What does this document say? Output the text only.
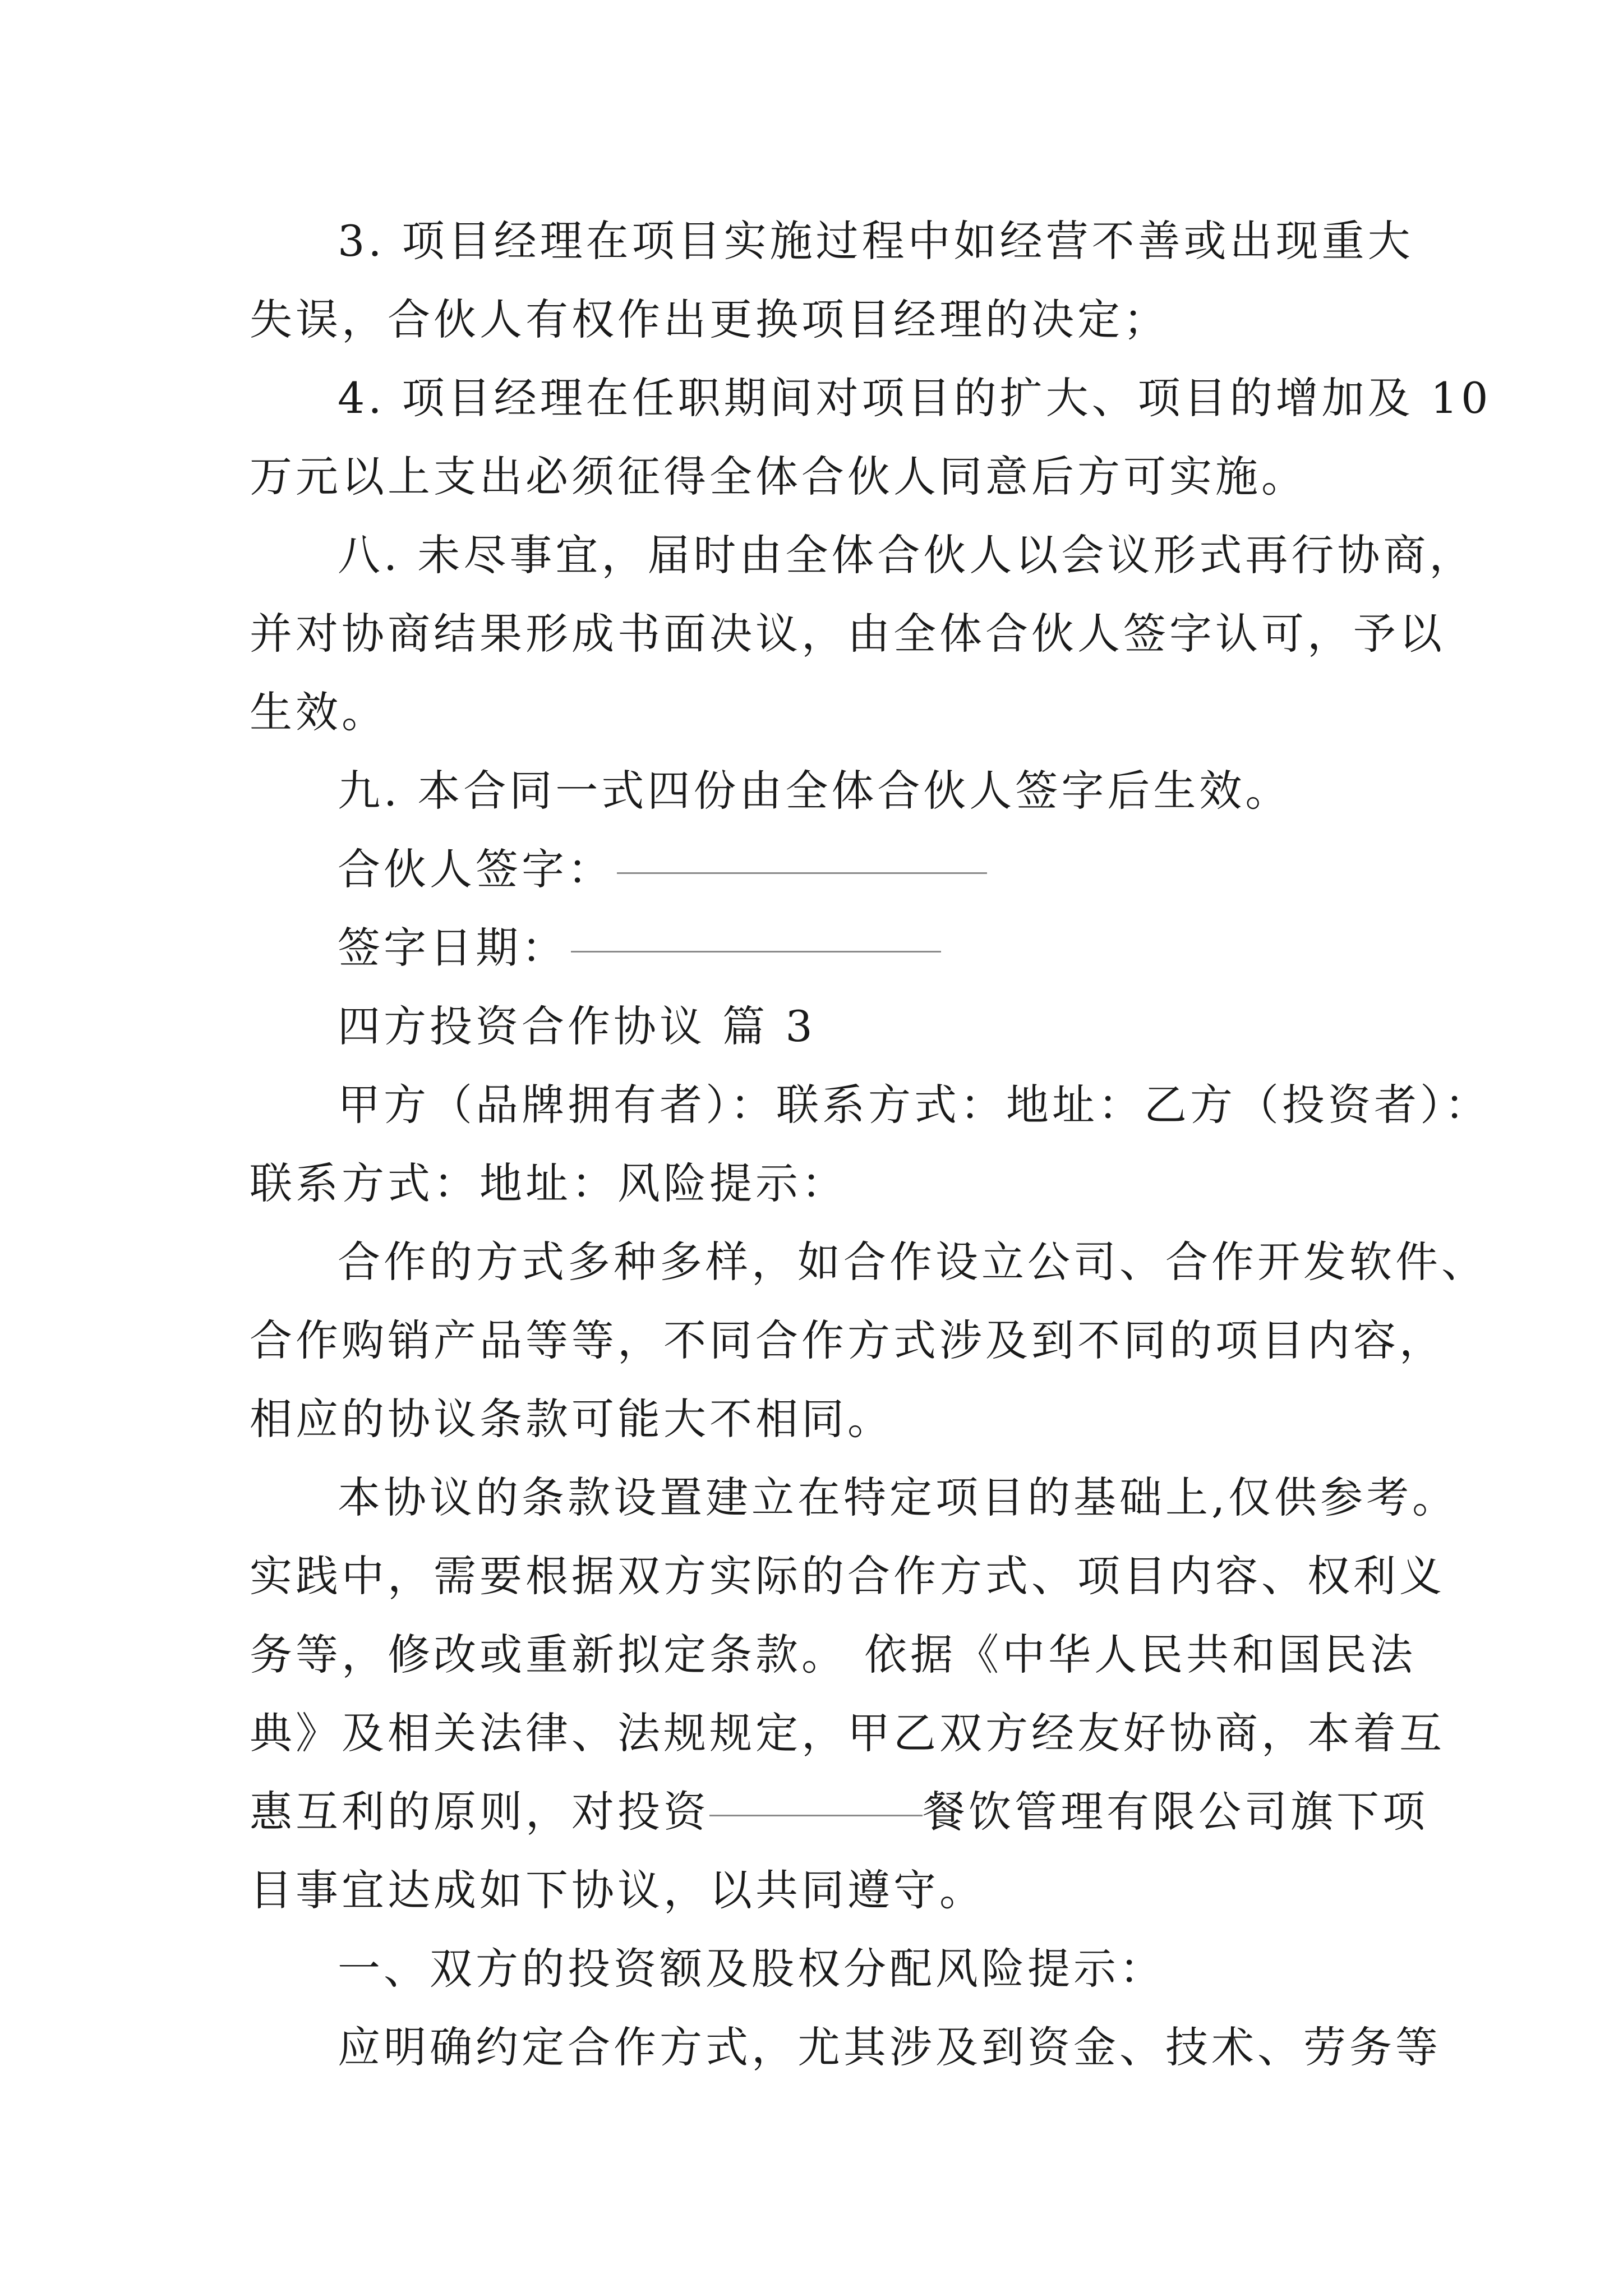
3. 项目经理在项目实施过程中如经营不善或出现重大
失误，合伙人有权作出更换项目经理的决定；
4. 项目经理在任职期间对项目的扩大、项目的增加及 10
万元以上支出必须征得全体合伙人同意后方可实施。
八. 未尽事宜，届时由全体合伙人以会议形式再行协商，
并对协商结果形成书面决议，由全体合伙人签字认可，予以
生效。
九. 本合同一式四份由全体合伙人签字后生效。
合伙人签字：
签字日期：
四方投资合作协议 篇 3
甲方（品牌拥有者）：联系方式：地址：乙方（投资者）：
联系方式：地址：风险提示：
合作的方式多种多样，如合作设立公司、合作开发软件、
合作购销产品等等，不同合作方式涉及到不同的项目内容，
相应的协议条款可能大不相同。
本协议的条款设置建立在特定项目的基础上,仅供参考。
实践中，需要根据双方实际的合作方式、项目内容、权利义
务等，修改或重新拟定条款。 依据《中华人民共和国民法
典》及相关法律、法规规定，甲乙双方经友好协商，本着互
惠互利的原则，对投资	餐饮管理有限公司旗下项
目事宜达成如下协议，以共同遵守。
一、双方的投资额及股权分配风险提示：
应明确约定合作方式，尤其涉及到资金、技术、劳务等
